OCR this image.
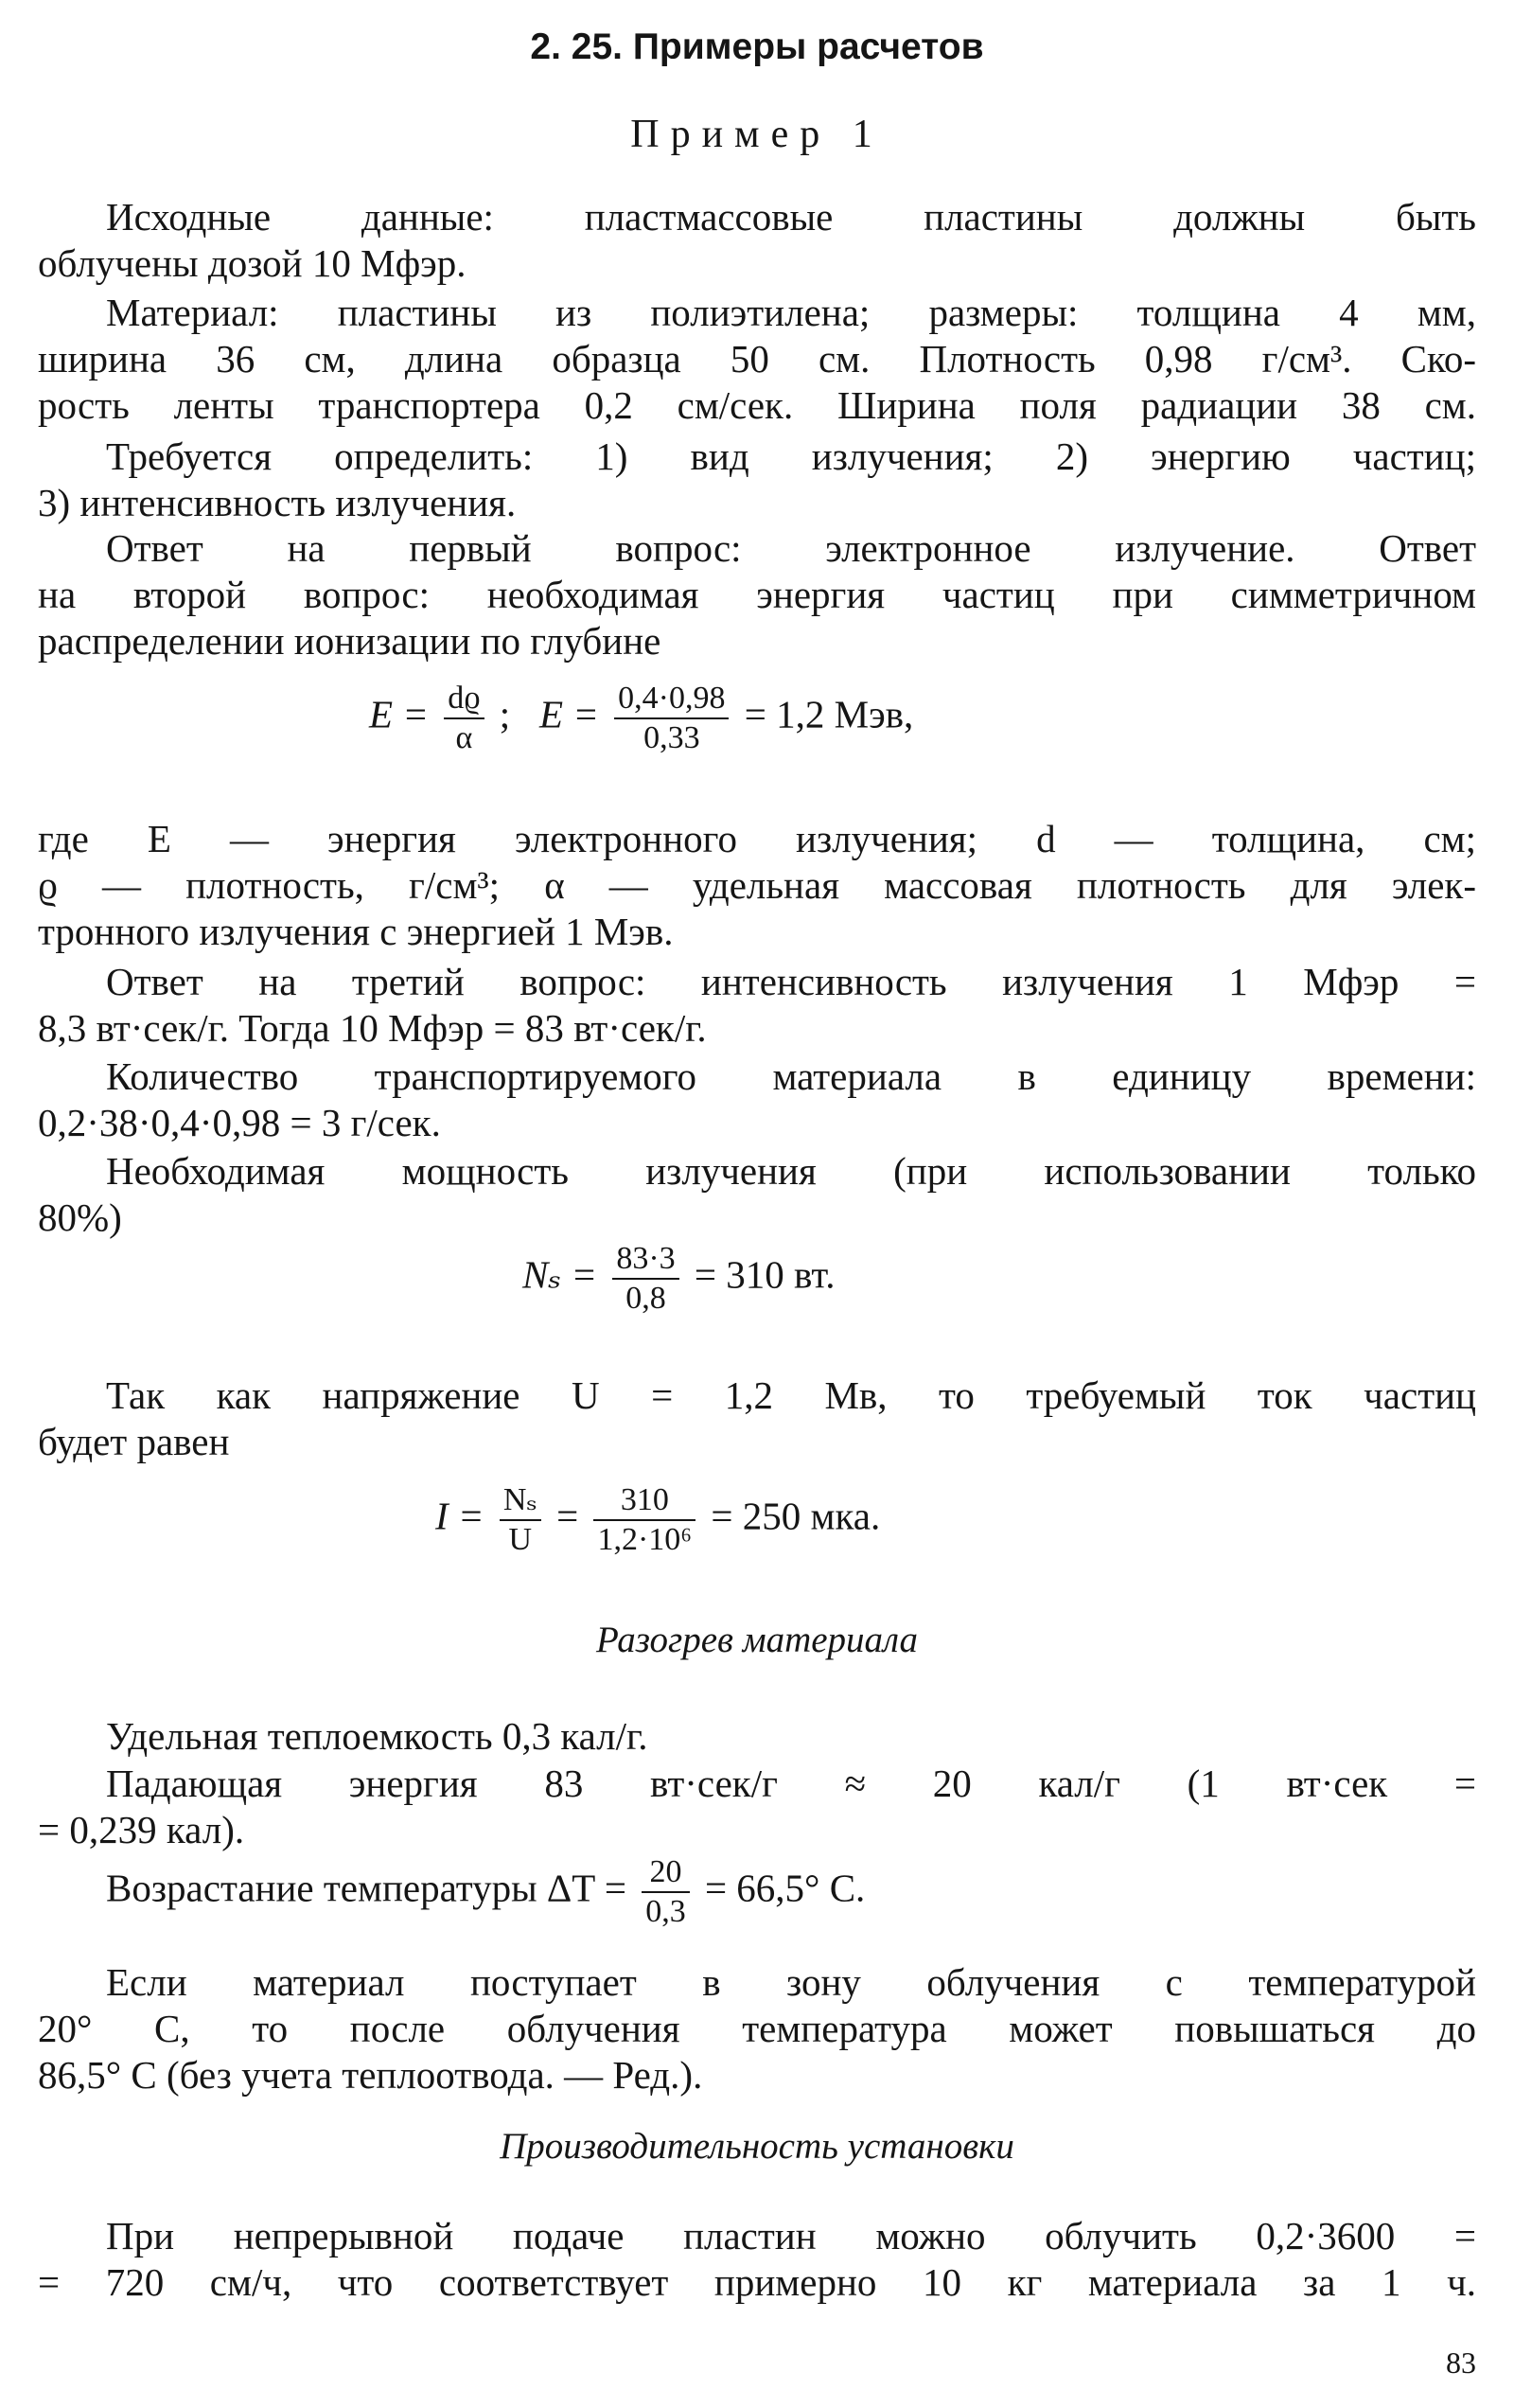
2. 25. Примеры расчетов
Пример 1
Исходные данные: пластмассовые пластины должны быть
облучены дозой 10 Мфэр.
Материал: пластины из полиэтилена; размеры: толщина 4 мм,
ширина 36 см, длина образца 50 см. Плотность 0,98 г/см³. Ско-
рость ленты транспортера 0,2 см/сек. Ширина поля радиации 38 см.
Требуется определить: 1) вид излучения; 2) энергию частиц;
3) интенсивность излучения.
Ответ на первый вопрос: электронное излучение. Ответ
на второй вопрос: необходимая энергия частиц при симметричном
распределении ионизации по глубине
$E = \frac{dϱ}{\alpha}$ ; $E = \frac{0,4\cdot 0,98}{0,33} = 1,2$ Мэв,
где E — энергия электронного излучения; d — толщина, см;
ϱ — плотность, г/см³; α — удельная массовая плотность для элек-
тронного излучения с энергией 1 Мэв.
Ответ на третий вопрос: интенсивность излучения 1 Мфэр =
8,3 вт·сек/г. Тогда 10 Мфэр = 83 вт·сек/г.
Количество транспортируемого материала в единицу времени:
0,2·38·0,4·0,98 = 3 г/сек.
Необходимая мощность излучения (при использовании только
80%)
$N_s = \frac{83\cdot 3}{0,8} = 310$ вт.
Так как напряжение U = 1,2 Мв, то требуемый ток частиц
будет равен
$I = \frac{\text{Nₛ}}{U} = \frac{310}{\text{1,2·10⁶}} = 250$ мка.
Разогрев материала
Удельная теплоемкость 0,3 кал/г.
Падающая энергия 83 вт·сек/г ≈ 20 кал/г (1 вт·сек =
= 0,239 кал).
Возрастание температуры $\Delta T = \frac{20}{0,3} = 66,5^\circ$ C.
Если материал поступает в зону облучения с температурой
20° C, то после облучения температура может повышаться до
86,5° C (без учета теплоотвода. — Ред.).
Производительность установки
При непрерывной подаче пластин можно облучить 0,2·3600 =
= 720 см/ч, что соответствует примерно 10 кг материала за 1 ч.
83
